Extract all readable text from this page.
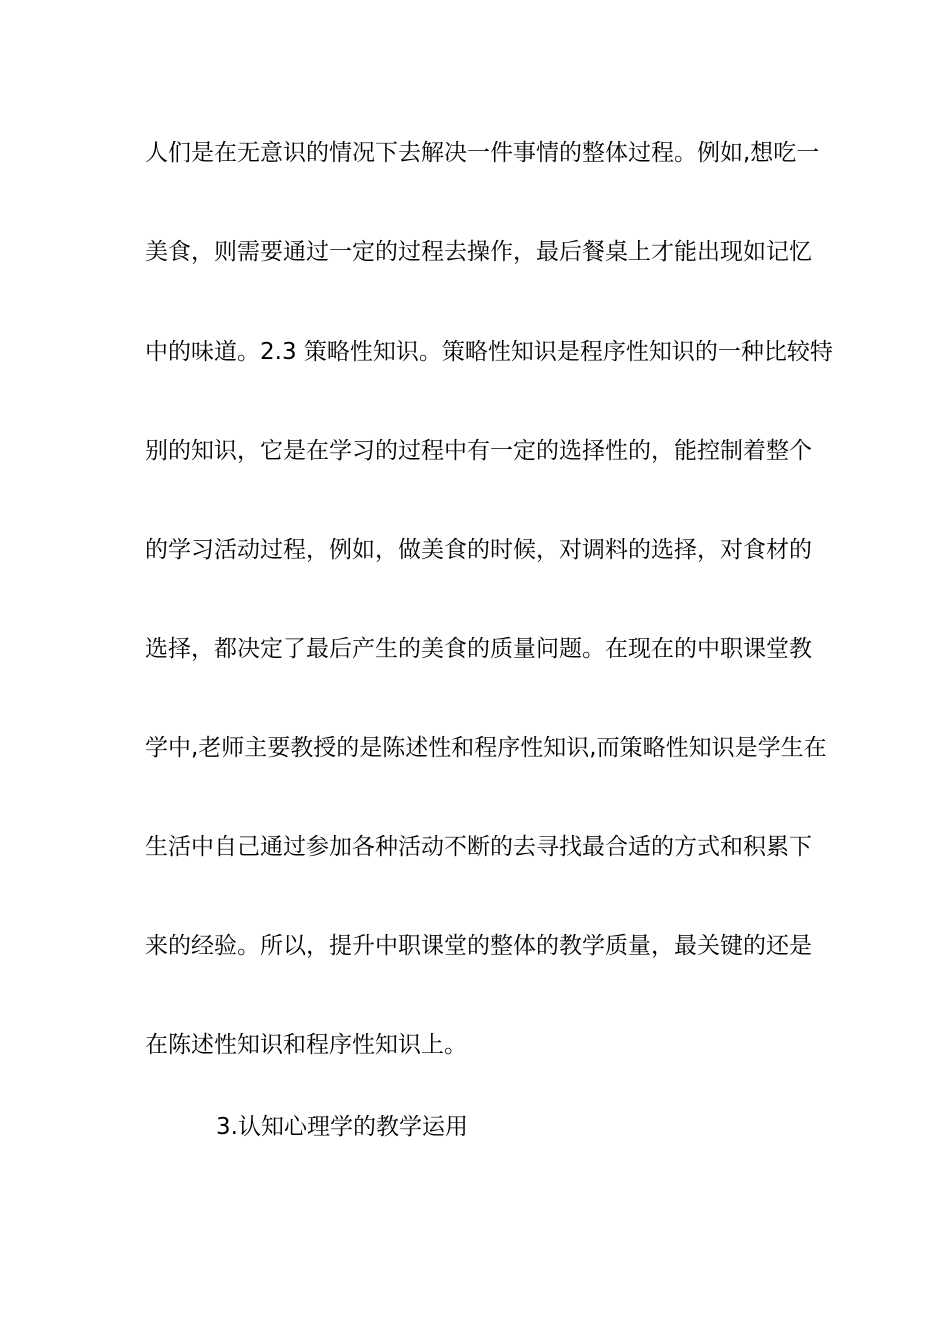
人们是在无意识的情况下去解决一件事情的整体过程。例如,想吃一
美食，则需要通过一定的过程去操作，最后餐桌上才能出现如记忆
中的味道。2.3 策略性知识。策略性知识是程序性知识的一种比较特
别的知识，它是在学习的过程中有一定的选择性的，能控制着整个
的学习活动过程，例如，做美食的时候，对调料的选择，对食材的
选择，都决定了最后产生的美食的质量问题。在现在的中职课堂教
学中,老师主要教授的是陈述性和程序性知识,而策略性知识是学生在
生活中自己通过参加各种活动不断的去寻找最合适的方式和积累下
来的经验。所以，提升中职课堂的整体的教学质量，最关键的还是
在陈述性知识和程序性知识上。
3.认知心理学的教学运用
